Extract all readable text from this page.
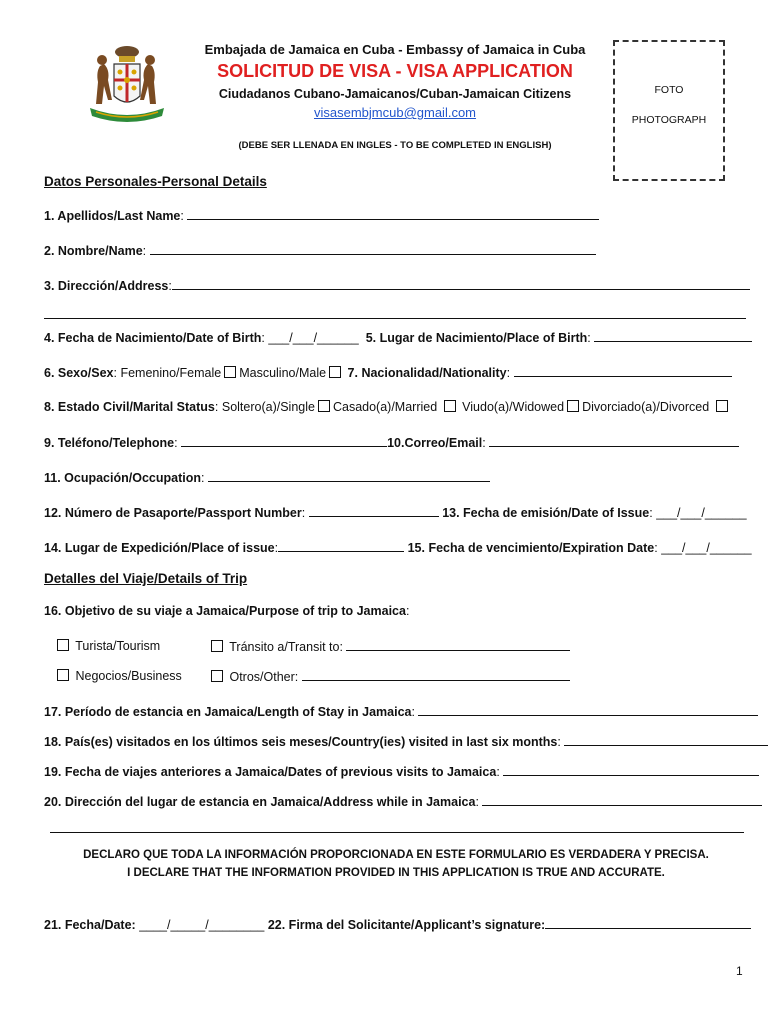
Embajada de Jamaica en Cuba - Embassy of Jamaica in Cuba
SOLICITUD DE VISA - VISA APPLICATION
Ciudadanos Cubano-Jamaicanos/Cuban-Jamaican Citizens
visasembjmcub@gmail.com
(DEBE SER LLENADA EN INGLES - TO BE COMPLETED IN ENGLISH)
FOTO
PHOTOGRAPH
Datos Personales-Personal Details
1. Apellidos/Last Name:
2. Nombre/Name:
3. Dirección/Address:
4. Fecha de Nacimiento/Date of Birth: ___/___/______ 5. Lugar de Nacimiento/Place of Birth:
6. Sexo/Sex: Femenino/Female Masculino/Male 7. Nacionalidad/Nationality:
8. Estado Civil/Marital Status: Soltero(a)/Single Casado(a)/Married Viudo(a)/Widowed Divorciado(a)/Divorced
9. Teléfono/Telephone:	10.Correo/Email:
11. Ocupación/Occupation:
12. Número de Pasaporte/Passport Number:	13. Fecha de emisión/Date of Issue: ___/___/______
14. Lugar de Expedición/Place of issue:	15. Fecha de vencimiento/Expiration Date: ___/___/______
Detalles del Viaje/Details of Trip
16. Objetivo de su viaje a Jamaica/Purpose of trip to Jamaica:
Turista/Tourism	Tránsito a/Transit to:
Negocios/Business	Otros/Other:
17. Período de estancia en Jamaica/Length of Stay in Jamaica:
18. País(es) visitados en los últimos seis meses/Country(ies) visited in last six months:
19. Fecha de viajes anteriores a Jamaica/Dates of previous visits to Jamaica:
20. Dirección del lugar de estancia en Jamaica/Address while in Jamaica:
DECLARO QUE TODA LA INFORMACIÓN PROPORCIONADA EN ESTE FORMULARIO ES VERDADERA Y PRECISA.
I DECLARE THAT THE INFORMATION PROVIDED IN THIS APPLICATION IS TRUE AND ACCURATE.
21. Fecha/Date: ____/_____/________ 22. Firma del Solicitante/Applicant’s signature:
1
